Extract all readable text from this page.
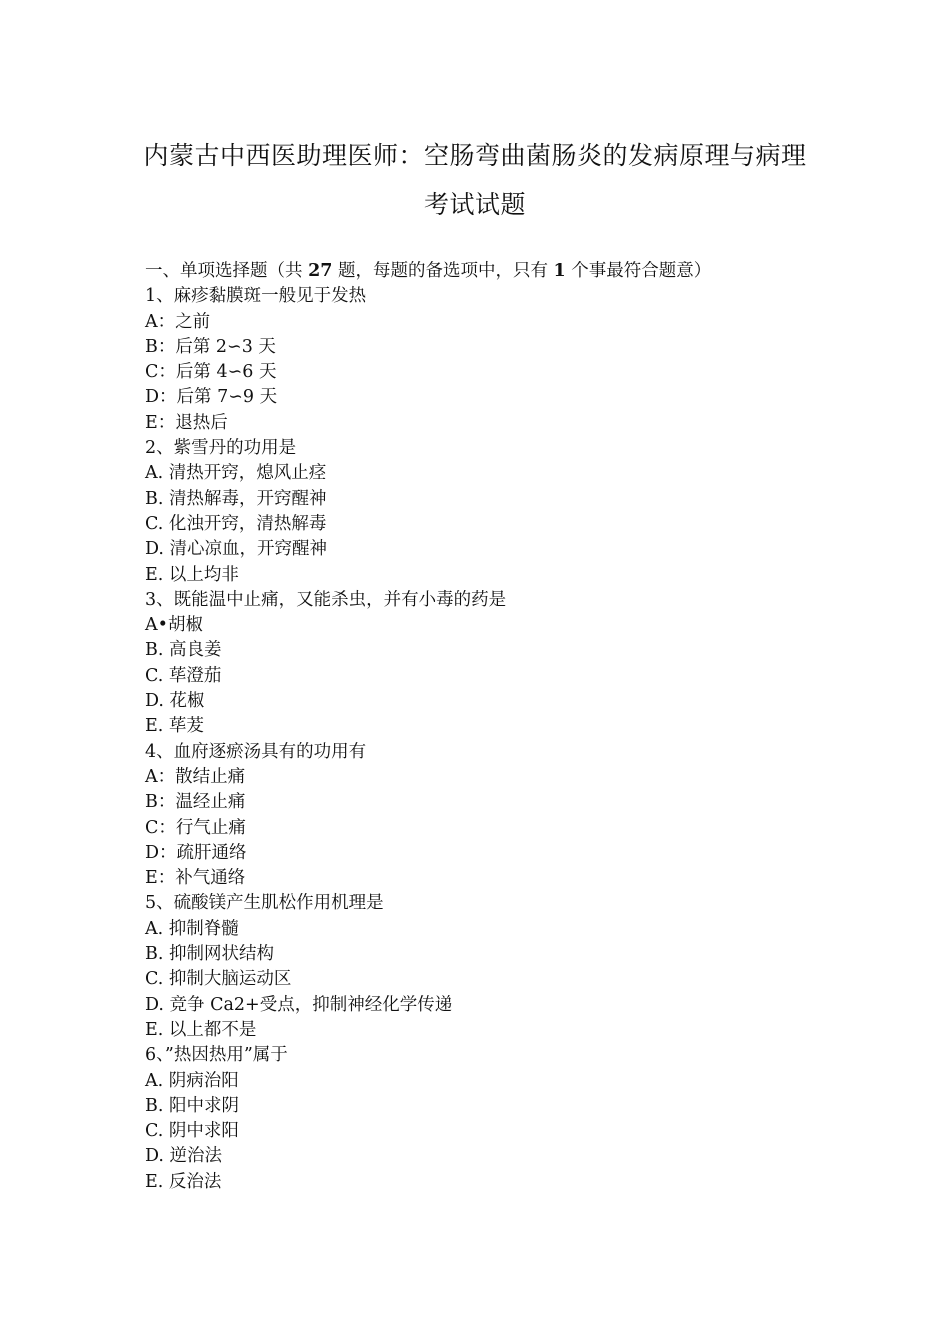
内蒙古中西医助理医师：空肠弯曲菌肠炎的发病原理与病理
考试试题
一、单项选择题（共 27 题，每题的备选项中，只有 1 个事最符合题意）
1、麻疹黏膜斑一般见于发热
A：之前
B：后第 2∽3 天
C：后第 4∽6 天
D：后第 7∽9 天
E：退热后
2、紫雪丹的功用是
A. 清热开窍，熄风止痉
B. 清热解毒，开窍醒神
C. 化浊开窍，清热解毒
D. 清心凉血，开窍醒神
E. 以上均非
3、既能温中止痛，又能杀虫，并有小毒的药是
A•胡椒
B. 高良姜
C. 荜澄茄
D. 花椒
E. 荜茇
4、血府逐瘀汤具有的功用有
A：散结止痛
B：温经止痛
C：行气止痛
D：疏肝通络
E：补气通络
5、硫酸镁产生肌松作用机理是
A. 抑制脊髓
B. 抑制网状结构
C. 抑制大脑运动区
D. 竞争 Ca2+受点，抑制神经化学传递
E. 以上都不是
6、”热因热用”属于
A. 阴病治阳
B. 阳中求阴
C. 阴中求阳
D. 逆治法
E. 反治法
